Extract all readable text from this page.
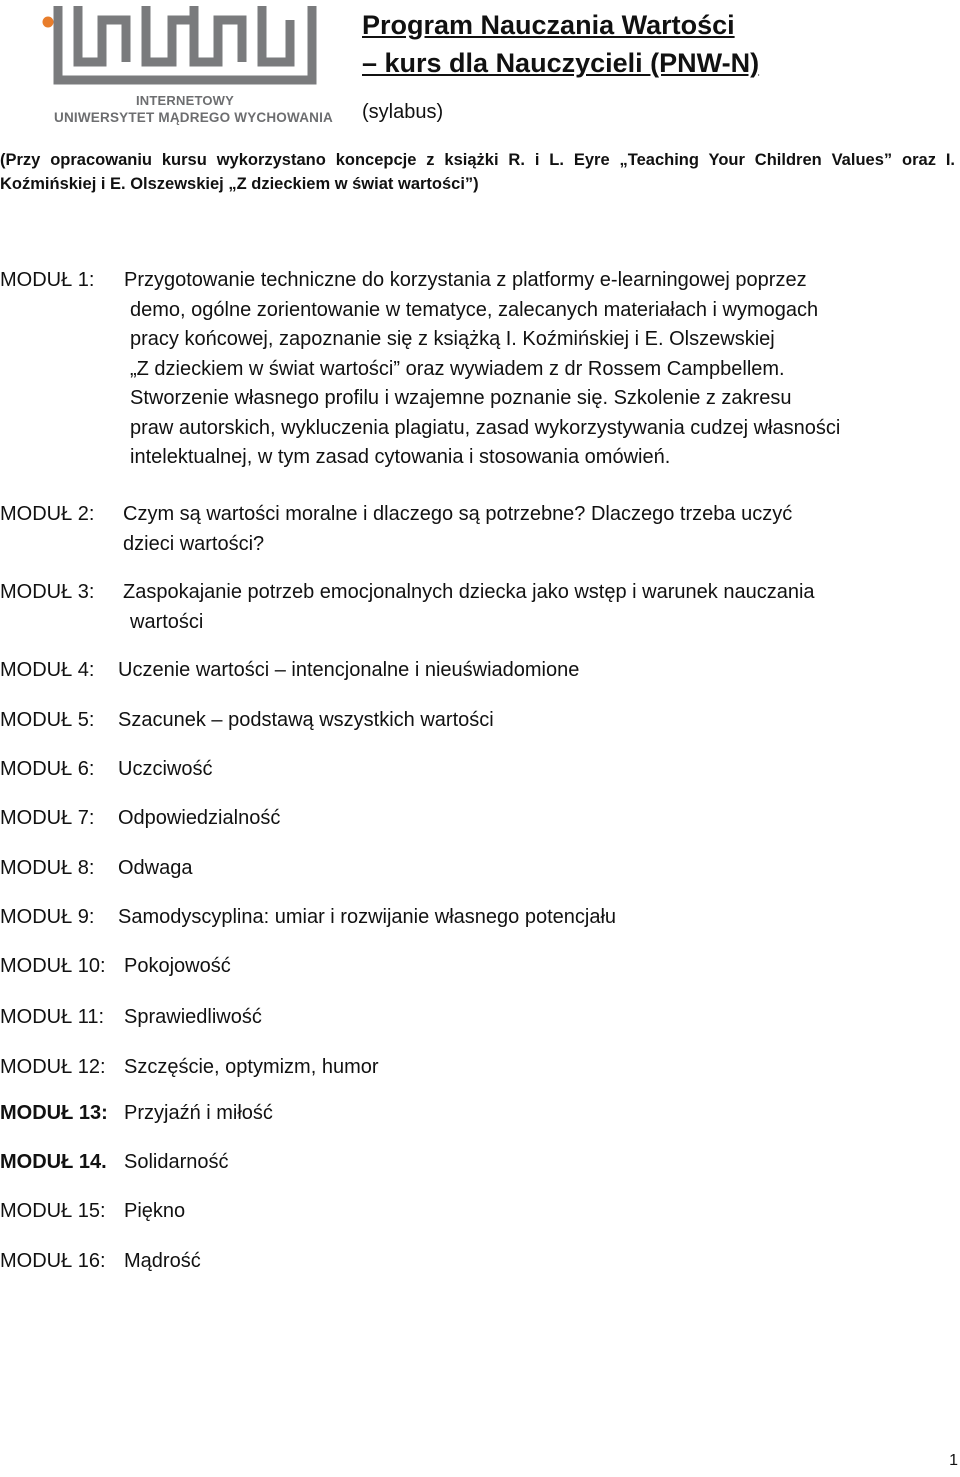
INTERNETOWY
UNIWERSYTET MĄDREGO WYCHOWANIA
Program Nauczania Wartości
– kurs dla Nauczycieli (PNW-N)
(sylabus)
(Przy opracowaniu kursu wykorzystano koncepcje z książki R. i L. Eyre „Teaching Your Children Values” oraz I. Koźmińskiej i E. Olszewskiej „Z dzieckiem w świat wartości”)
MODUŁ 1: Przygotowanie techniczne do korzystania z platformy e-learningowej poprzez
demo, ogólne zorientowanie w tematyce, zalecanych materiałach i wymogach
pracy końcowej, zapoznanie się z książką I. Koźmińskiej i E. Olszewskiej
„Z dzieckiem w świat wartości” oraz wywiadem z dr Rossem Campbellem.
Stworzenie własnego profilu i wzajemne poznanie się. Szkolenie z zakresu
praw autorskich, wykluczenia plagiatu, zasad wykorzystywania cudzej własności
intelektualnej, w tym zasad cytowania i stosowania omówień.
MODUŁ 2: Czym są wartości moralne i dlaczego są potrzebne? Dlaczego trzeba uczyć
dzieci wartości?
MODUŁ 3: Zaspokajanie potrzeb emocjonalnych dziecka jako wstęp i warunek nauczania
wartości
MODUŁ 4: Uczenie wartości – intencjonalne i nieuświadomione
MODUŁ 5: Szacunek – podstawą wszystkich wartości
MODUŁ 6: Uczciwość
MODUŁ 7: Odpowiedzialność
MODUŁ 8: Odwaga
MODUŁ 9: Samodyscyplina: umiar i rozwijanie własnego potencjału
MODUŁ 10: Pokojowość
MODUŁ 11: Sprawiedliwość
MODUŁ 12: Szczęście, optymizm, humor
MODUŁ 13: Przyjaźń i miłość
MODUŁ 14. Solidarność
MODUŁ 15: Piękno
MODUŁ 16: Mądrość
1
